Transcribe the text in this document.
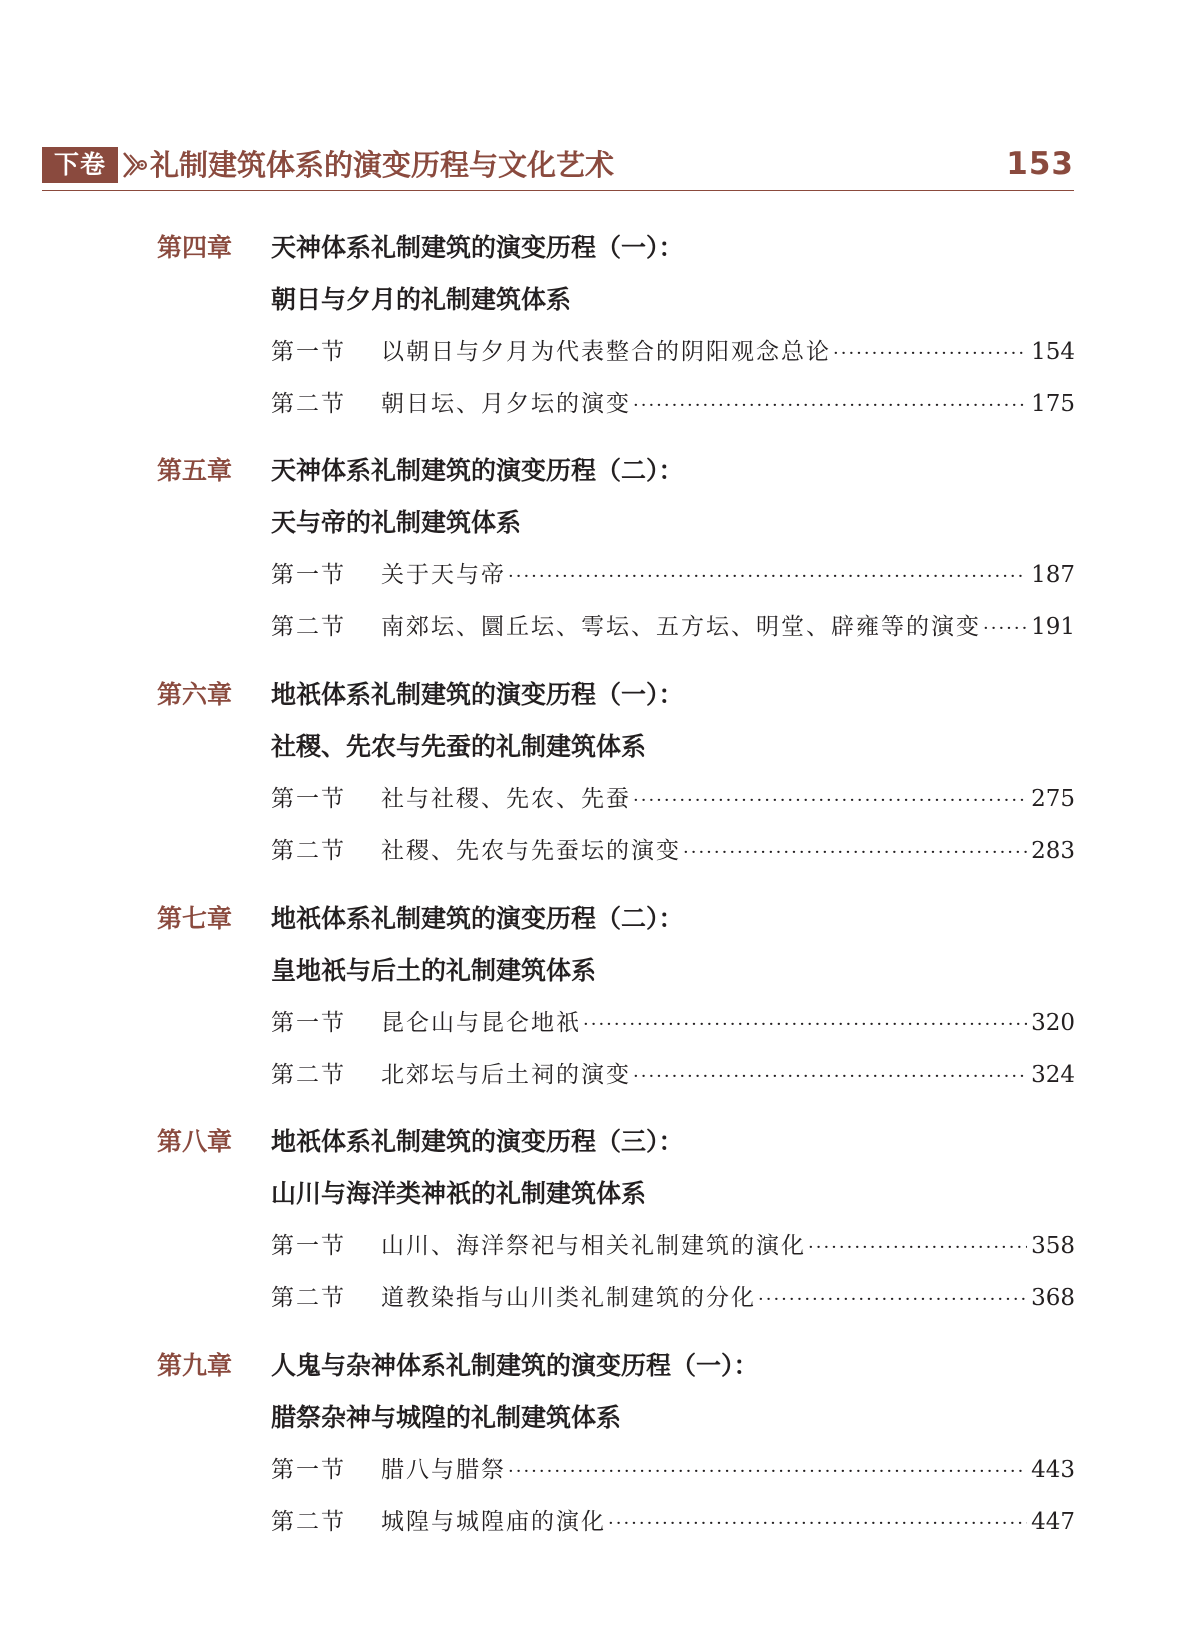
下卷	礼制建筑体系的演变历程与文化艺术	153
第四章 天神体系礼制建筑的演变历程（一）：
朝日与夕月的礼制建筑体系
第一节 以朝日与夕月为代表整合的阴阳观念总论 ·····	154
第二节 朝日坛、月夕坛的演变 ·····	175
第五章 天神体系礼制建筑的演变历程（二）：
天与帝的礼制建筑体系
第一节 关于天与帝 ·····	187
第二节 南郊坛、圜丘坛、雩坛、五方坛、明堂、辟雍等的演变 ····· 191
第六章 地祇体系礼制建筑的演变历程（一）：
社稷、先农与先蚕的礼制建筑体系
第一节 社与社稷、先农、先蚕 ·····	275
第二节 社稷、先农与先蚕坛的演变 ·····	283
第七章 地祇体系礼制建筑的演变历程（二）：
皇地祇与后土的礼制建筑体系
第一节 昆仑山与昆仑地祇 ·····	320
第二节 北郊坛与后土祠的演变 ·····	324
第八章 地祇体系礼制建筑的演变历程（三）：
山川与海洋类神祇的礼制建筑体系
第一节 山川、海洋祭祀与相关礼制建筑的演化 ·····	358
第二节 道教染指与山川类礼制建筑的分化 ·····	368
第九章 人鬼与杂神体系礼制建筑的演变历程（一）：
腊祭杂神与城隍的礼制建筑体系
第一节 腊八与腊祭 ·····	443
第二节 城隍与城隍庙的演化 ·····	447
